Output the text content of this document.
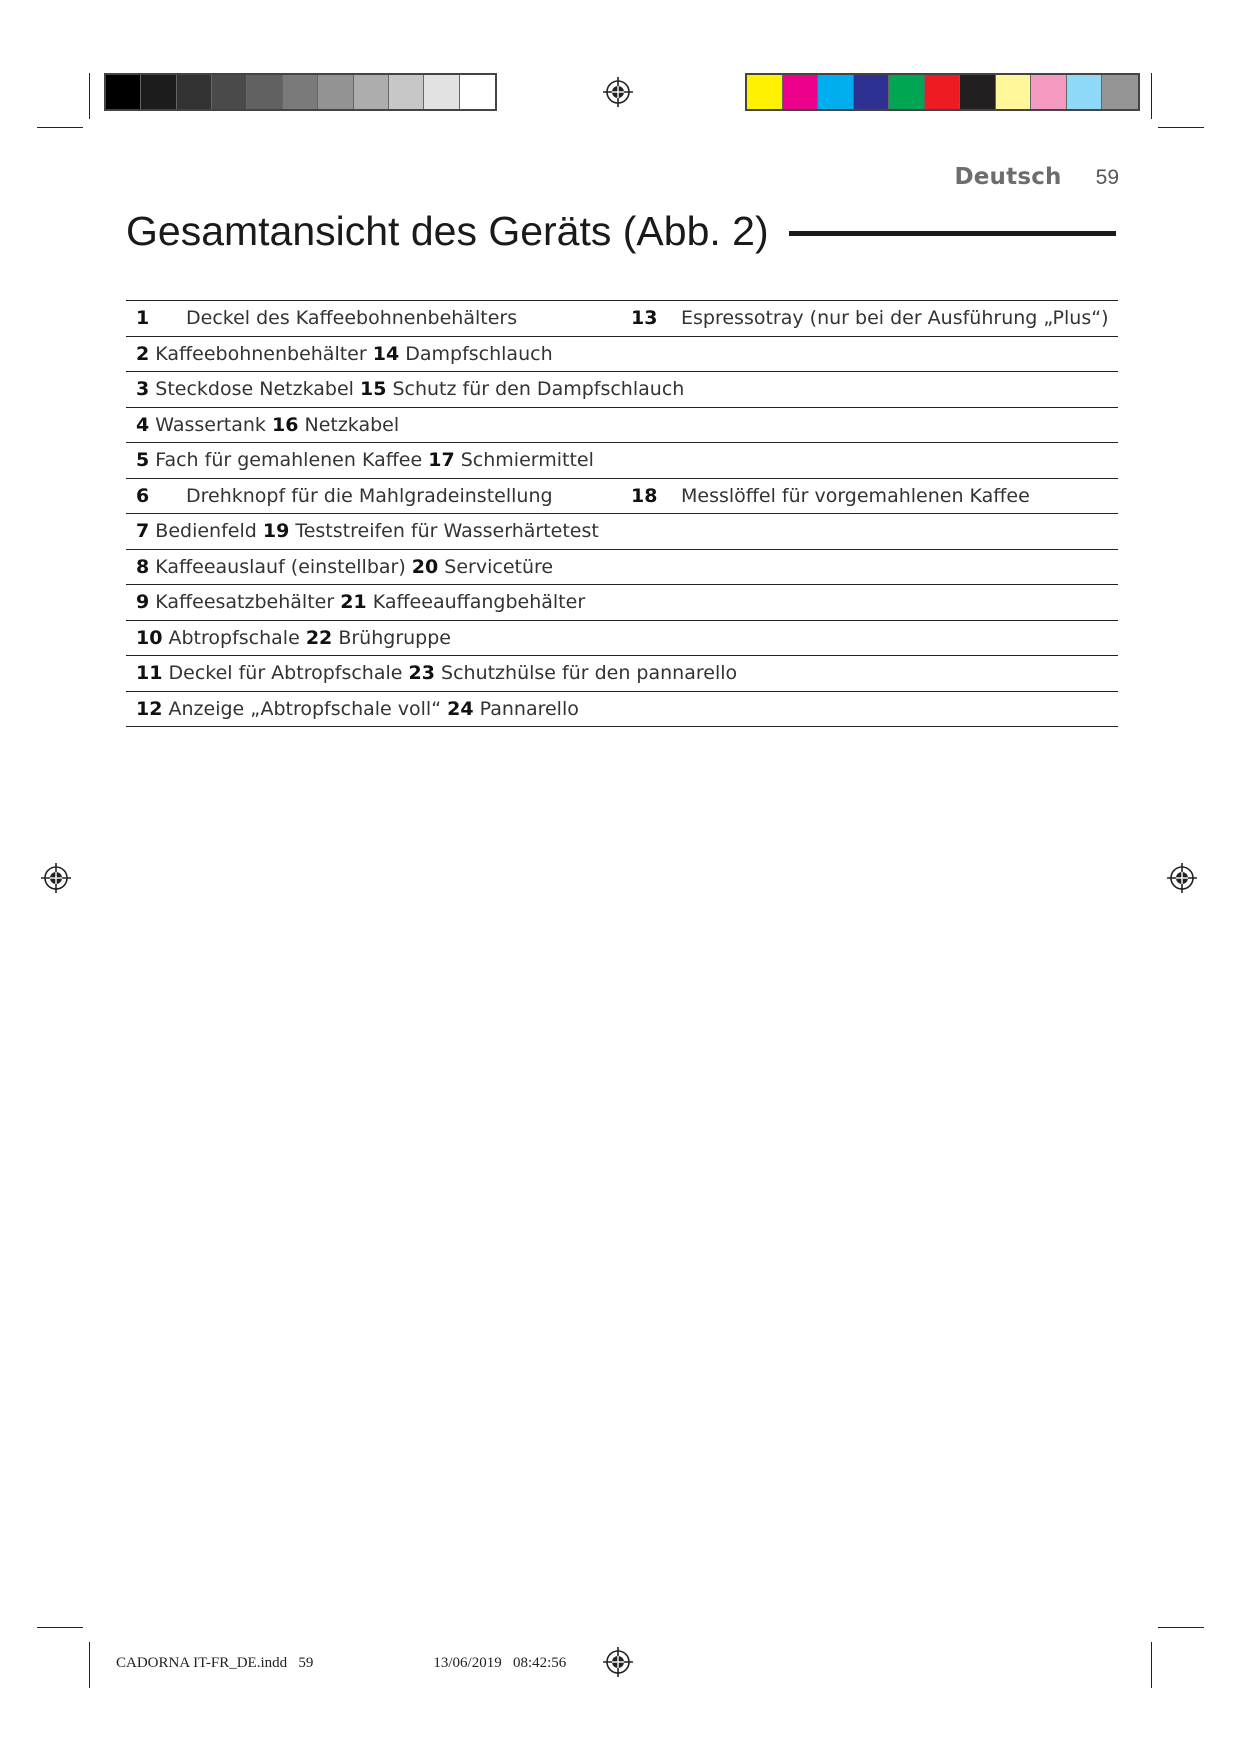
Deutsch 59
Gesamtansicht des Geräts (Abb. 2)
1 Deckel des Kaffeebohnenbehälters	13 Espressotray (nur bei der Ausführung „Plus“)
2 Kaffeebohnenbehälter 14 Dampfschlauch
3 Steckdose Netzkabel 15 Schutz für den Dampfschlauch
4 Wassertank 16 Netzkabel
5 Fach für gemahlenen Kaffee 17 Schmiermittel
6 Drehknopf für die Mahlgradeinstellung	18 Messlöffel für vorgemahlenen Kaffee
7 Bedienfeld 19 Teststreifen für Wasserhärtetest
8 Kaffeeauslauf (einstellbar) 20 Servicetüre
9 Kaffeesatzbehälter 21 Kaffeeauffangbehälter
10 Abtropfschale 22 Brühgruppe
11 Deckel für Abtropfschale 23 Schutzhülse für den pannarello
12 Anzeige „Abtropfschale voll“ 24 Pannarello
CADORNA IT-FR_DE.indd   59                                13/06/2019   08:42:56
